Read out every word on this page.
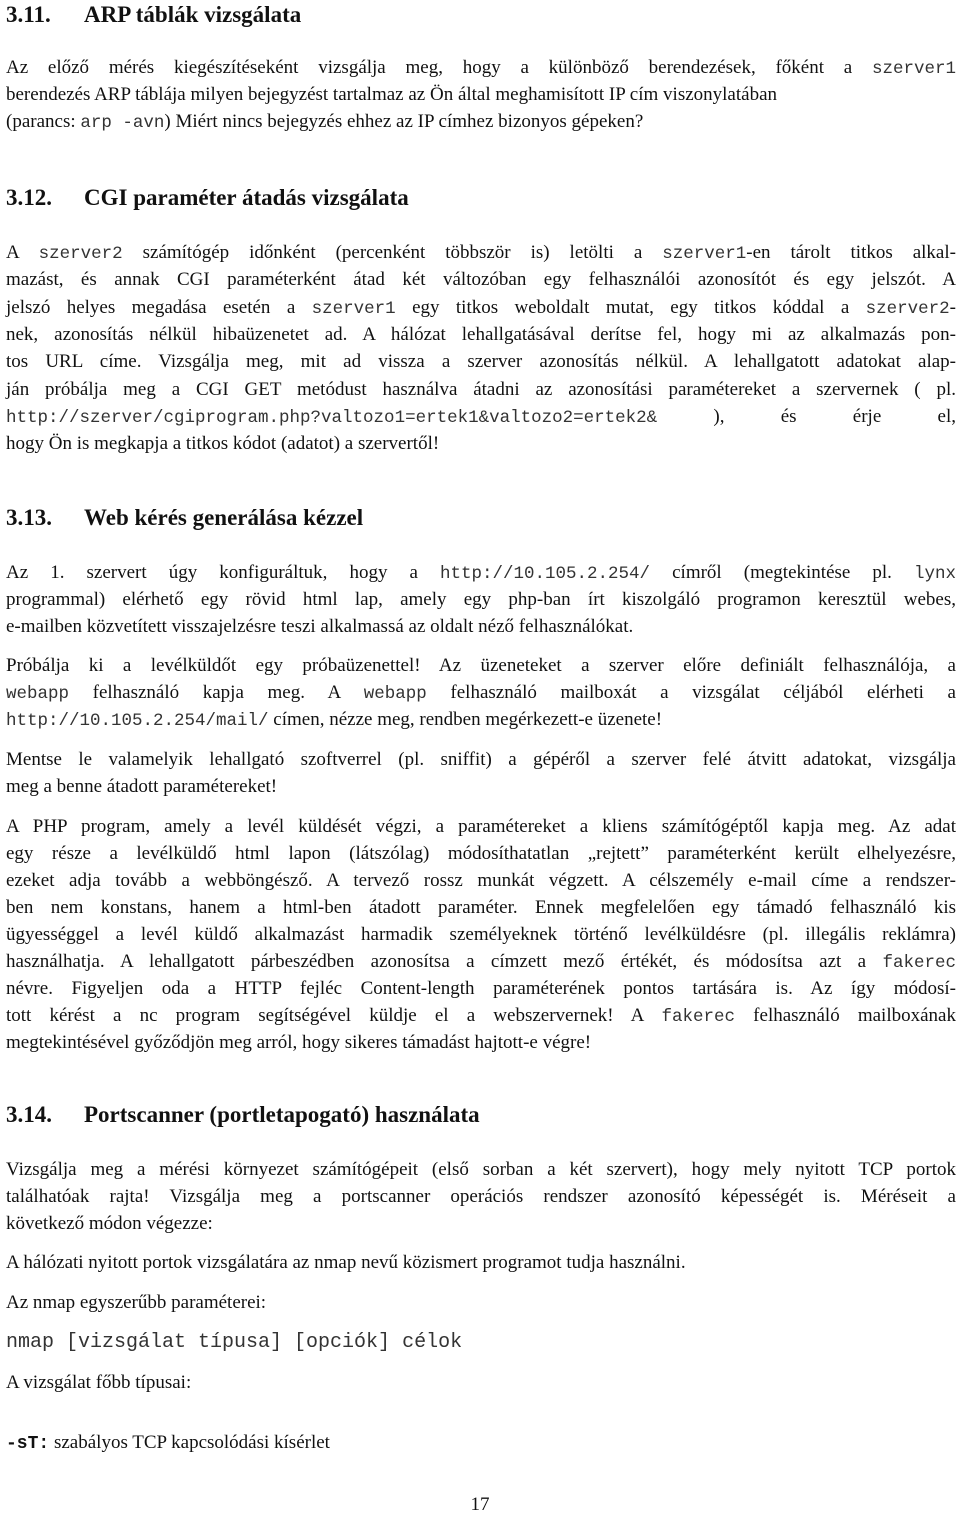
3.11. ARP táblák vizsgálata
Az előző mérés kiegészítéseként vizsgálja meg, hogy a különböző berendezések, főként a szerver1
berendezés ARP táblája milyen bejegyzést tartalmaz az Ön által meghamisított IP cím viszonylatában
(parancs: arp -avn) Miért nincs bejegyzés ehhez az IP címhez bizonyos gépeken?
3.12. CGI paraméter átadás vizsgálata
A szerver2 számítógép időnként (percenként többször is) letölti a szerver1-en tárolt titkos alkal-
mazást, és annak CGI paraméterként átad két változóban egy felhasználói azonosítót és egy jelszót. A
jelszó helyes megadása esetén a szerver1 egy titkos weboldalt mutat, egy titkos kóddal a szerver2-
nek, azonosítás nélkül hibaüzenetet ad. A hálózat lehallgatásával derítse fel, hogy mi az alkalmazás pon-
tos URL címe. Vizsgálja meg, mit ad vissza a szerver azonosítás nélkül. A lehallgatott adatokat alap-
ján próbálja meg a CGI GET metódust használva átadni az azonosítási paramétereket a szervernek ( pl.
http://szerver/cgiprogram.php?valtozo1=ertek1&valtozo2=ertek2& ), és érje el,
hogy Ön is megkapja a titkos kódot (adatot) a szervertől!
3.13. Web kérés generálása kézzel
Az 1. szervert úgy konfiguráltuk, hogy a http://10.105.2.254/ címről (megtekintése pl. lynx
programmal) elérhető egy rövid html lap, amely egy php-ban írt kiszolgáló programon keresztül webes,
e-mailben közvetített visszajelzésre teszi alkalmassá az oldalt néző felhasználókat.
Próbálja ki a levélküldőt egy próbaüzenettel! Az üzeneteket a szerver előre definiált felhasználója, a
webapp felhasználó kapja meg. A webapp felhasználó mailboxát a vizsgálat céljából elérheti a
http://10.105.2.254/mail/ címen, nézze meg, rendben megérkezett-e üzenete!
Mentse le valamelyik lehallgató szoftverrel (pl. sniffit) a gépéről a szerver felé átvitt adatokat, vizsgálja
meg a benne átadott paramétereket!
A PHP program, amely a levél küldését végzi, a paramétereket a kliens számítógéptől kapja meg. Az adat
egy része a levélküldő html lapon (látszólag) módosíthatatlan „rejtett” paraméterként került elhelyezésre,
ezeket adja tovább a webböngésző. A tervező rossz munkát végzett. A célszemély e-mail címe a rendszer-
ben nem konstans, hanem a html-ben átadott paraméter. Ennek megfelelően egy támadó felhasználó kis
ügyességgel a levél küldő alkalmazást harmadik személyeknek történő levélküldésre (pl. illegális reklámra)
használhatja. A lehallgatott párbeszédben azonosítsa a címzett mező értékét, és módosítsa azt a fakerec
névre. Figyeljen oda a HTTP fejléc Content-length paraméterének pontos tartására is. Az így módosí-
tott kérést a nc program segítségével küldje el a webszervernek! A fakerec felhasználó mailboxának
megtekintésével győződjön meg arról, hogy sikeres támadást hajtott-e végre!
3.14. Portscanner (portletapogató) használata
A hálózati nyitott portok vizsgálatára az nmap nevű közismert programot tudja használni.
Az nmap egyszerűbb paraméterei:
nmap [vizsgálat típusa] [opciók] célok
A vizsgálat főbb típusai:
-sT: szabályos TCP kapcsolódási kísérlet
Vizsgálja meg a mérési környezet számítógépeit (első sorban a két szervert), hogy mely nyitott TCP portok
találhatóak rajta! Vizsgálja meg a portscanner operációs rendszer azonosító képességét is. Méréseit a
következő módon végezze:
17
